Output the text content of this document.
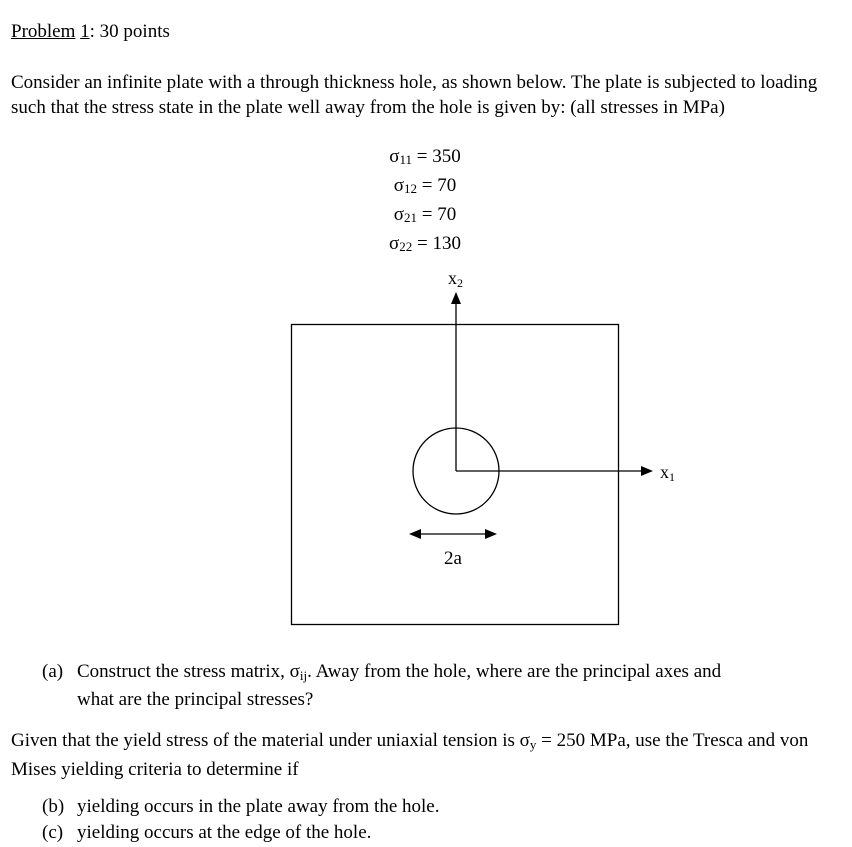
Problem 1: 30 points
Consider an infinite plate with a through thickness hole, as shown below. The plate is subjected to loading such that the stress state in the plate well away from the hole is given by: (all stresses in MPa)
$\sigma_{11} = 350$
$\sigma_{12} = 70$
$\sigma_{21} = 70$
$\sigma_{22} = 130$
x2
x1
2a
(a) Construct the stress matrix, $\sigma_{ij}$. Away from the hole, where are the principal axes and
what are the principal stresses?
Given that the yield stress of the material under uniaxial tension is $\sigma_y = 250$ MPa, use the Tresca and von Mises yielding criteria to determine if
(b) yielding occurs in the plate away from the hole.
(c) yielding occurs at the edge of the hole.
